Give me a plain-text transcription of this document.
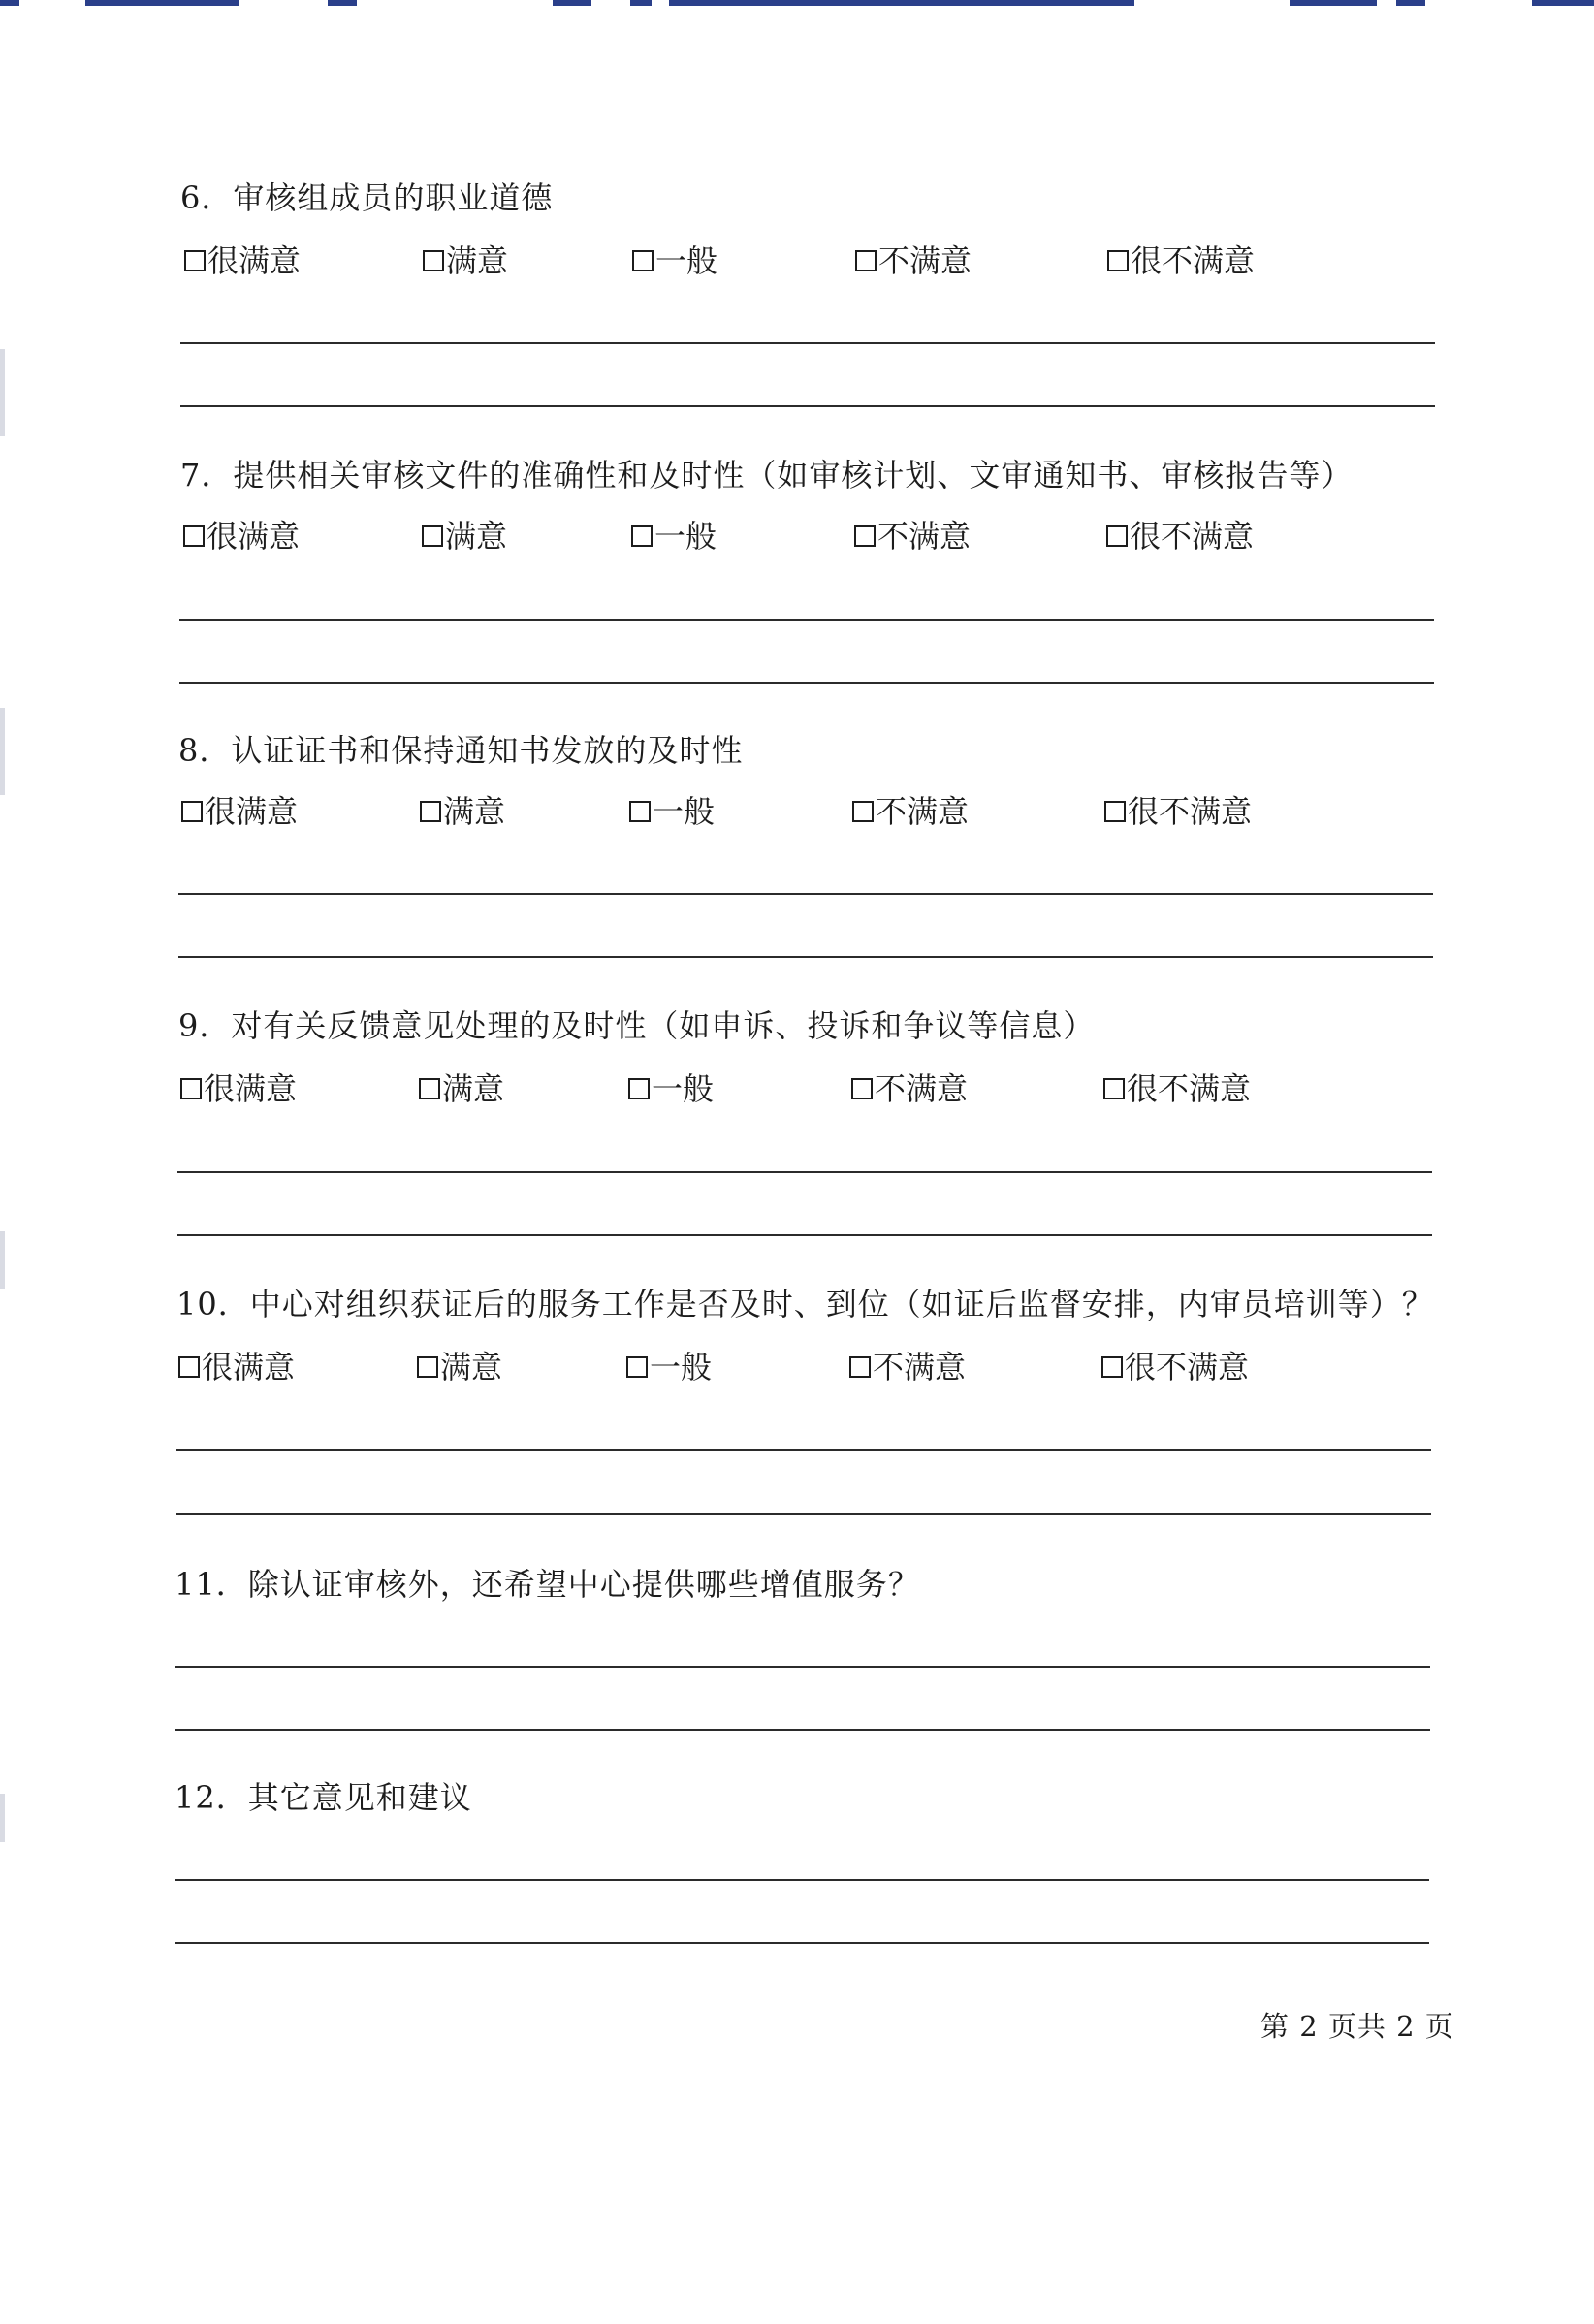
6．审核组成员的职业道德
很满意	满意	一般	不满意	很不满意
7．提供相关审核文件的准确性和及时性（如审核计划、文审通知书、审核报告等）
很满意	满意	一般	不满意	很不满意
8．认证证书和保持通知书发放的及时性
很满意	满意	一般	不满意	很不满意
9．对有关反馈意见处理的及时性（如申诉、投诉和争议等信息）
很满意	满意	一般	不满意	很不满意
10．中心对组织获证后的服务工作是否及时、到位（如证后监督安排，内审员培训等）？
很满意	满意	一般	不满意	很不满意
11．除认证审核外，还希望中心提供哪些增值服务？
12．其它意见和建议
第 2 页共 2 页
